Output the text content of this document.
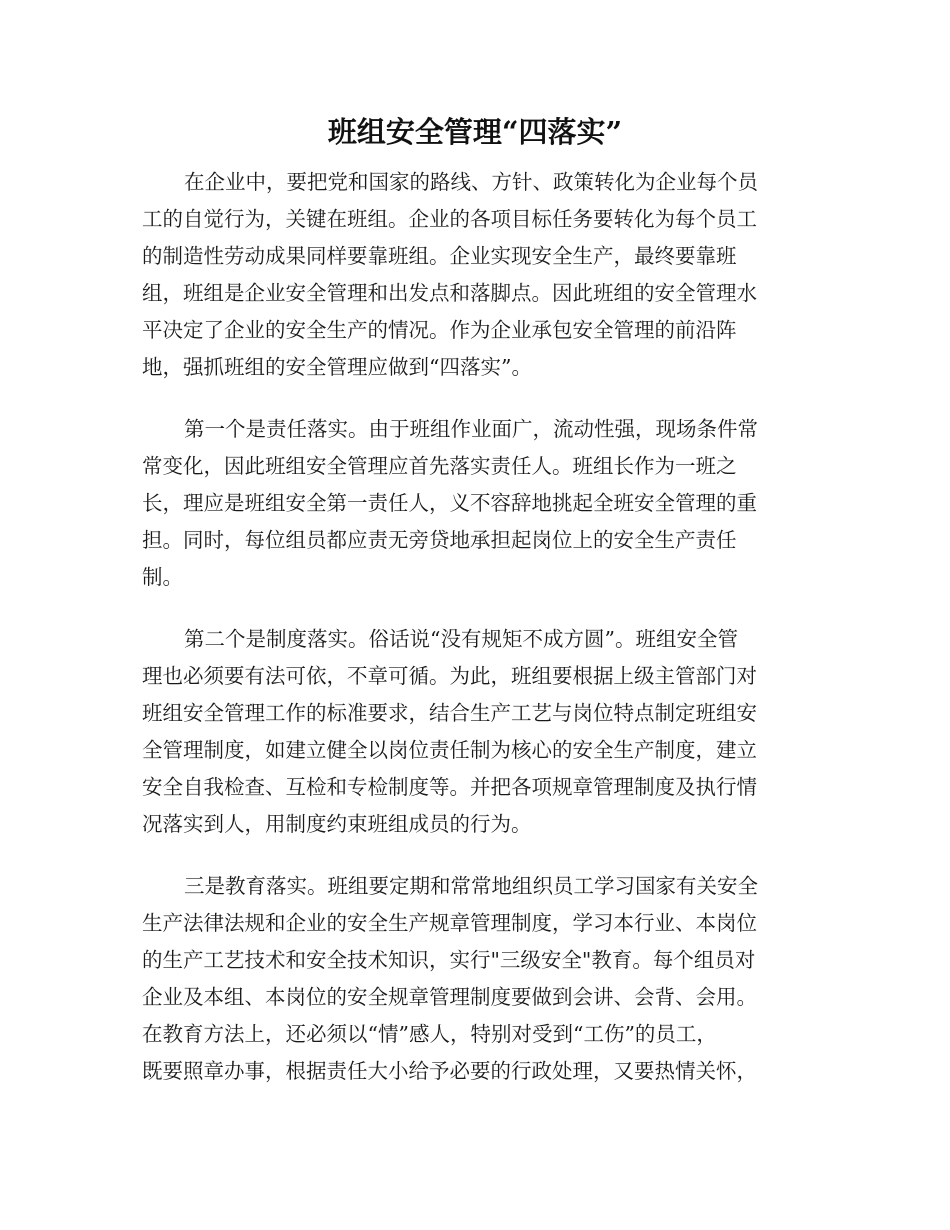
班组安全管理“四落实”

在企业中，要把党和国家的路线、方针、政策转化为企业每个员
工的自觉行为，关键在班组。企业的各项目标任务要转化为每个员工
的制造性劳动成果同样要靠班组。企业实现安全生产，最终要靠班
组，班组是企业安全管理和出发点和落脚点。因此班组的安全管理水
平决定了企业的安全生产的情况。作为企业承包安全管理的前沿阵
地，强抓班组的安全管理应做到“四落实”。

第一个是责任落实。由于班组作业面广，流动性强，现场条件常
常变化，因此班组安全管理应首先落实责任人。班组长作为一班之
长，理应是班组安全第一责任人，义不容辞地挑起全班安全管理的重
担。同时，每位组员都应责无旁贷地承担起岗位上的安全生产责任
制。

第二个是制度落实。俗话说“没有规矩不成方圆”。班组安全管
理也必须要有法可依，不章可循。为此，班组要根据上级主管部门对
班组安全管理工作的标准要求，结合生产工艺与岗位特点制定班组安
全管理制度，如建立健全以岗位责任制为核心的安全生产制度，建立
安全自我检查、互检和专检制度等。并把各项规章管理制度及执行情
况落实到人，用制度约束班组成员的行为。

三是教育落实。班组要定期和常常地组织员工学习国家有关安全
生产法律法规和企业的安全生产规章管理制度，学习本行业、本岗位
的生产工艺技术和安全技术知识，实行"三级安全"教育。每个组员对
企业及本组、本岗位的安全规章管理制度要做到会讲、会背、会用。
在教育方法上，还必须以“情”感人，特别对受到“工伤”的员工，
既要照章办事，根据责任大小给予必要的行政处理，又要热情关怀，
